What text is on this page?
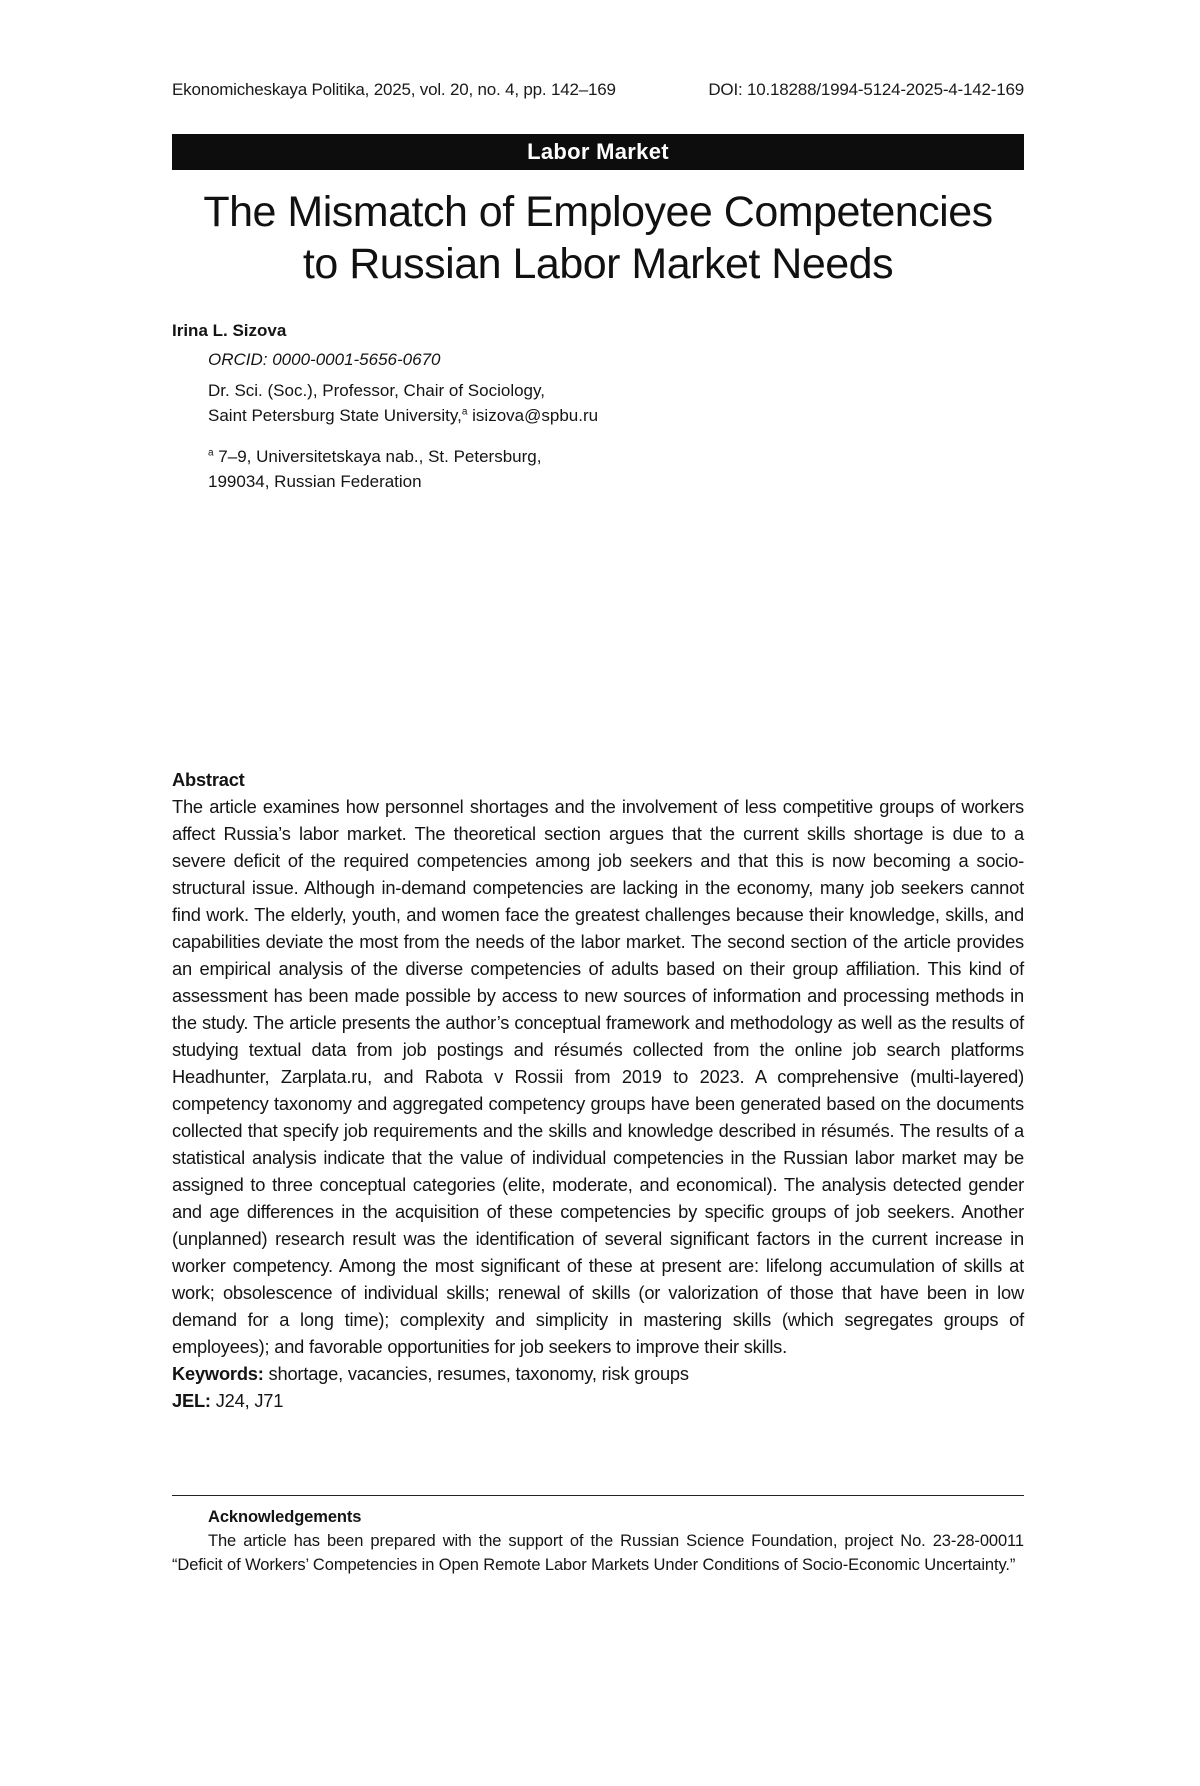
Ekonomicheskaya Politika, 2025, vol. 20, no. 4, pp. 142–169	DOI: 10.18288/1994-5124-2025-4-142-169
Labor Market
The Mismatch of Employee Competencies
to Russian Labor Market Needs
Irina L. Sizova
ORCID: 0000-0001-5656-0670
Dr. Sci. (Soc.), Professor, Chair of Sociology,
Saint Petersburg State University,$^a$ isizova@spbu.ru
$^a$ 7–9, Universitetskaya nab., St. Petersburg,
199034, Russian Federation
Abstract
The article examines how personnel shortages and the involvement of less competitive groups of workers affect Russia’s labor market. The theoretical section argues that the current skills shortage is due to a severe deficit of the required competencies among job seekers and that this is now becoming a socio-structural issue. Although in-demand competencies are lacking in the economy, many job seekers cannot find work. The elderly, youth, and women face the greatest challenges because their knowledge, skills, and capabilities deviate the most from the needs of the labor market. The second section of the article provides an empirical analysis of the diverse competencies of adults based on their group affiliation. This kind of assessment has been made possible by access to new sources of information and processing methods in the study. The article presents the author’s conceptual framework and methodology as well as the results of studying textual data from job postings and résumés collected from the online job search platforms Headhunter, Zarplata.ru, and Rabota v Rossii from 2019 to 2023. A comprehensive (multi-layered) competency taxonomy and aggregated competency groups have been generated based on the documents collected that specify job requirements and the skills and knowledge described in résumés. The results of a statistical analysis indicate that the value of individual competencies in the Russian labor market may be assigned to three conceptual categories (elite, moderate, and economical). The analysis detected gender and age differences in the acquisition of these competencies by specific groups of job seekers. Another (unplanned) research result was the identification of several significant factors in the current increase in worker competency. Among the most significant of these at present are: lifelong accumulation of skills at work; obsolescence of individual skills; renewal of skills (or valorization of those that have been in low demand for a long time); complexity and simplicity in mastering skills (which segregates groups of employees); and favorable opportunities for job seekers to improve their skills.
Keywords: shortage, vacancies, resumes, taxonomy, risk groups
JEL: J24, J71
Acknowledgements
The article has been prepared with the support of the Russian Science Foundation, project No. 23-28-00011 “Deficit of Workers’ Competencies in Open Remote Labor Markets Under Conditions of Socio-Economic Uncertainty.”
